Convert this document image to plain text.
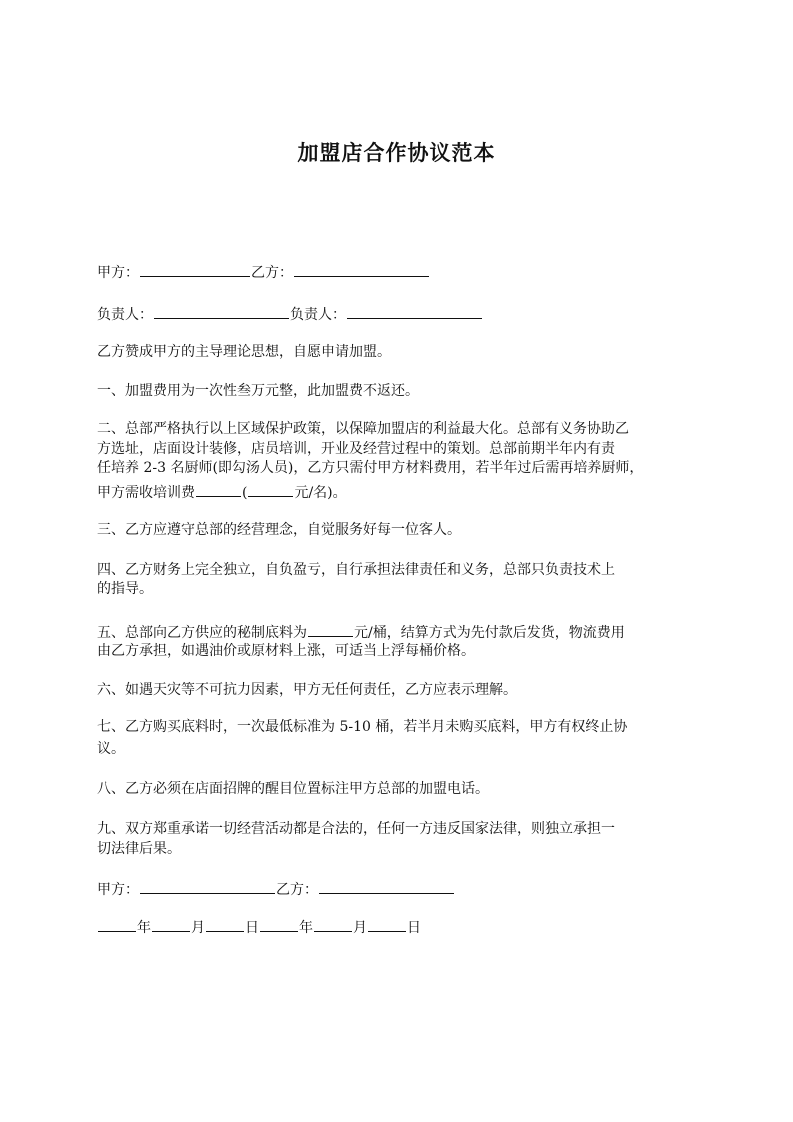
加盟店合作协议范本
甲方：	乙方：
负责人：	负责人：
乙方赞成甲方的主导理论思想，自愿申请加盟。
一、加盟费用为一次性叁万元整，此加盟费不返还。
二、总部严格执行以上区域保护政策，以保障加盟店的利益最大化。总部有义务协助乙
方选址，店面设计装修，店员培训，开业及经营过程中的策划。总部前期半年内有责
任培养 2-3 名厨师(即勾汤人员)，乙方只需付甲方材料费用，若半年过后需再培养厨师，
甲方需收培训费	(	元/名)。
三、乙方应遵守总部的经营理念，自觉服务好每一位客人。
四、乙方财务上完全独立，自负盈亏，自行承担法律责任和义务，总部只负责技术上
的指导。
五、总部向乙方供应的秘制底料为	元/桶，结算方式为先付款后发货，物流费用
由乙方承担，如遇油价或原材料上涨，可适当上浮每桶价格。
六、如遇天灾等不可抗力因素，甲方无任何责任，乙方应表示理解。
七、乙方购买底料时，一次最低标准为 5-10 桶，若半月未购买底料，甲方有权终止协
议。
八、乙方必须在店面招牌的醒目位置标注甲方总部的加盟电话。
九、双方郑重承诺一切经营活动都是合法的，任何一方违反国家法律，则独立承担一
切法律后果。
甲方：	乙方：
年	月	日	年	月	日
